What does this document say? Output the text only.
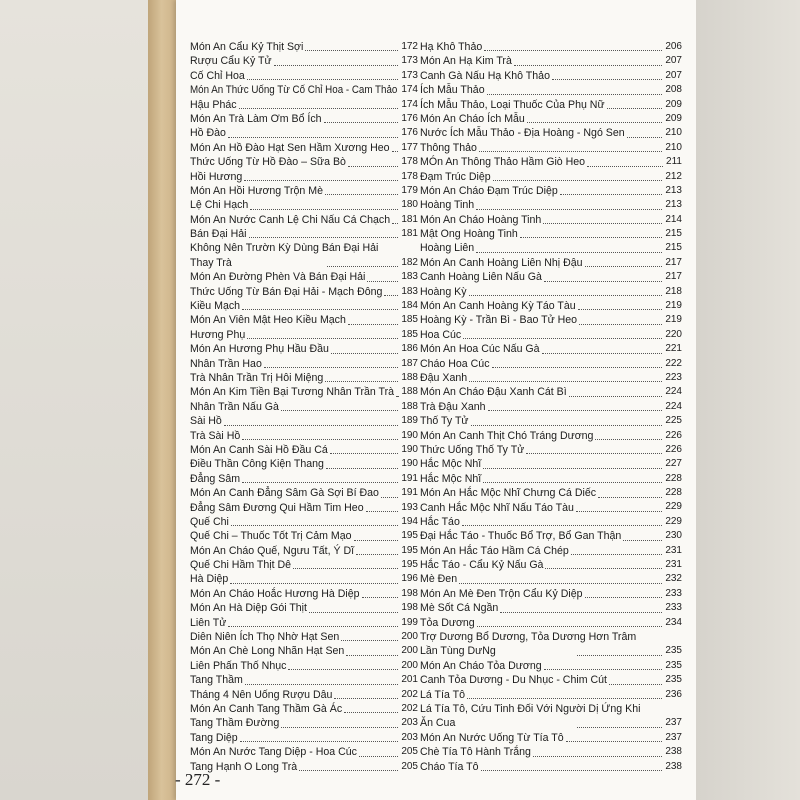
Món An Cẩu Kỷ Thịt Sợi	172
Rượu Cẩu Kỷ Tử	173
Cố Chỉ Hoa	173
Món An Thức Uống Từ Cố Chỉ Hoa - Cam Thảo 174
Hậu Phác	174
Món An Trà Làm Ơm Bổ Ích	176
Hồ Đào	176
Món An Hồ Đào Hạt Sen Hầm Xương Heo 177
Thức Uống Từ Hồ Đào – Sữa Bò	178
Hồi Hương	178
Món An Hồi Hương Trộn Mè	179
Lệ Chi Hạch	180
Món An Nước Canh Lệ Chi Nấu Cá Chạch 181
Bán Đại Hải	181
Không Nên Trườn Kỳ Dùng Bán Đại Hải Thay Trà	182
Món An Đường Phèn Và Bán Đại Hải	183
Thức Uống Từ Bán Đại Hải - Mạch Đông 183
Kiều Mạch	184
Món An Viên Mật Heo Kiều Mạch	185
Hương Phụ	185
Món An Hương Phụ Hầu Đầu	186
Nhân Trần Hao	187
Trà Nhân Trần Trị Hôi Miệng	188
Món An Kim Tiền Bại Tương Nhân Trần Trà 188
Nhân Trần Nấu Gà	188
Sài Hồ	189
Trà Sài Hồ	190
Món An Canh Sài Hồ Đầu Cá	190
Điều Thần Công Kiện Thang	190
Đẳng Sâm	191
Món An Canh Đẳng Sâm Gà Sợi Bí Đao 191
Đẳng Sâm Đương Qui Hầm Tim Heo	193
Quế Chi	194
Quế Chi – Thuốc Tốt Trị Cảm Mạo	195
Món An Cháo Quế, Ngưu Tất, Ý Dĩ	195
Quế Chi Hầm Thịt Dê	195
Hà Diệp	196
Món An Cháo Hoắc Hương Hà Diệp	198
Món An Hà Diệp Gói Thịt	198
Liên Tử	199
Diên Niên Ích Thọ Nhờ Hạt Sen	200
Món An Chè Long Nhãn Hạt Sen	200
Liên Phấn Thố Nhục	200
Tang Thầm	201
Tháng 4 Nên Uống Rượu Dâu	202
Món An Canh Tang Thầm Gà Ác	202
Tang Thầm Đường	203
Tang Diệp	203
Món An Nước Tang Diệp - Hoa Cúc	205
Tang Hạnh O Long Trà	205
Hạ Khô Thảo	206
Món An Hạ Kim Trà	207
Canh Gà Nấu Hạ Khô Thảo	207
Ích Mẫu Thảo	208
Ích Mẫu Thảo, Loại Thuốc Của Phụ Nữ	209
Món An Cháo Ích Mẫu	209
Nước Ích Mẫu Thảo - Địa Hoàng - Ngó Sen	210
Thông Thảo	210
MÓn An Thông Thảo Hầm Giò Heo	211
Đạm Trúc Diệp	212
Món An Cháo Đạm Trúc Diệp	213
Hoàng Tinh	213
Món An Cháo Hoàng Tinh	214
Mật Ong Hoàng Tinh	215
Hoàng Liên	215
Món An Canh Hoàng Liên Nhị Đậu	217
Canh Hoàng Liên Nấu Gà	217
Hoàng Kỳ	218
Món An Canh Hoàng Kỳ Táo Tàu	219
Hoàng Kỳ - Trần Bì - Bao Tử Heo	219
Hoa Cúc	220
Món An Hoa Cúc Nấu Gà	221
Cháo Hoa Cúc	222
Đậu Xanh	223
Món An Cháo Đậu Xanh Cát Bì	224
Trà Đậu Xanh	224
Thố Ty Tử	225
Món An Canh Thịt Chó Tráng Dương	226
Thức Uống Thố Ty Tử	226
Hắc Mộc Nhĩ	227
Hắc Mộc Nhĩ	228
Món An Hắc Mộc Nhĩ Chưng Cá Diếc	228
Canh Hắc Mộc Nhĩ Nấu Táo Tàu	229
Hắc Táo	229
Đại Hắc Táo - Thuốc Bổ Trợ, Bổ Gan Thận	230
Món An Hắc Táo Hầm Cá Chép	231
Hắc Táo - Cẩu Kỷ Nấu Gà	231
Mè Đen	232
Món An Mè Đen Trộn Cẩu Kỷ Diệp	233
Mè Sốt Cá Ngần	233
Tỏa Dương	234
Trợ Dương Bổ Dương, Tỏa Dương Hơn Trâm Lần Tùng DưNg	235
Món An Cháo Tỏa Dương	235
Canh Tỏa Dương - Du Nhục - Chim Cút	235
Lá Tía Tô	236
Lá Tía Tô, Cứu Tinh Đối Với Người Dị Ứng Khi Ăn Cua	237
Món An Nước Uống Từ Tía Tô	237
Chè Tía Tô Hành Trắng	238
Cháo Tía Tô	238
- 272 -
